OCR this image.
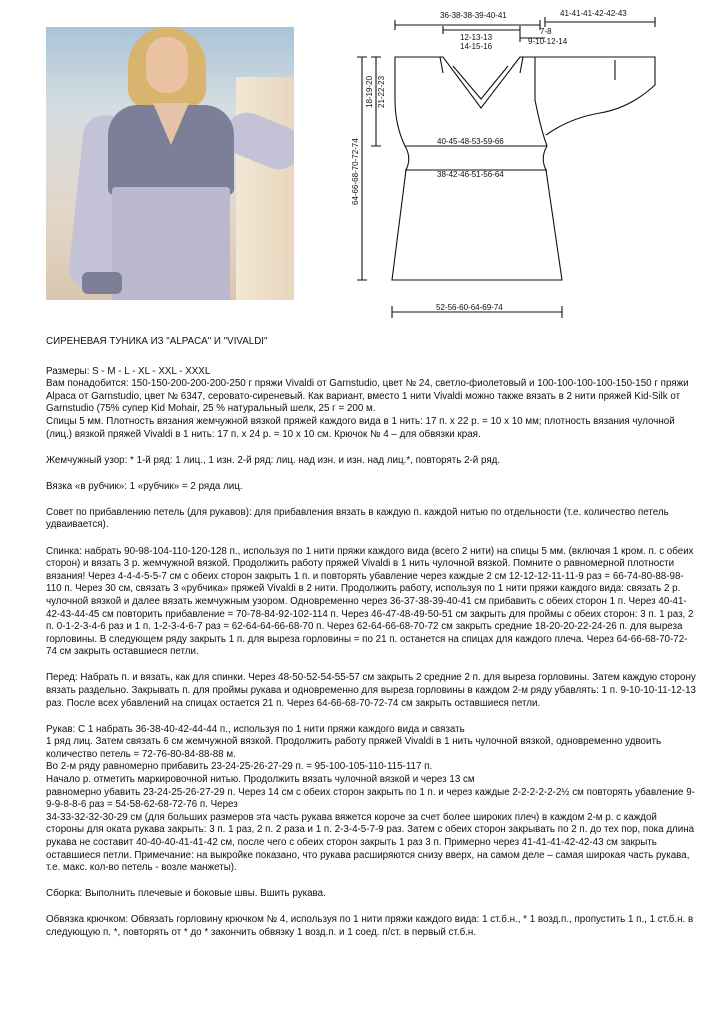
36-38-38-39-40-41
12-13-13
14-15-16
41-41-41-42-42-43
7-8
9-10-12-14
18-19-20 21-22-23
64-66-68-70-72-74	40-45-48-53-59-66
38-42-46-51-56-64
52-56-60-64-69-74

СИРЕНЕВАЯ ТУНИКА ИЗ "ALPACA" И "VIVALDI"

Размеры: S - M - L - XL - XXL - XXXL

Вам понадобится: 150-150-200-200-200-250 г пряжи Vivaldi от Garnstudio, цвет № 24, светло-фиолетовый и 100-100-100-100-150-150 г пряжи Alpaca от Garnstudio, цвет № 6347, серовато-сиреневый. Как вариант, вместо 1 нити Vivaldi можно также вязать в 2 нити пряжей Kid-Silk от Garnstudio (75% супер Kid Mohair, 25 % натуральный шелк, 25 г = 200 м.

Спицы 5 мм. Плотность вязания жемчужной вязкой пряжей каждого вида в 1 нить: 17 п. х 22 р. = 10 х 10 мм; плотность вязания чулочной (лиц.) вязкой пряжей Vivaldi в 1 нить: 17 п. х 24 р. = 10 х 10 см. Крючок № 4 – для обвязки края.

Жемчужный узор: * 1-й ряд: 1 лиц., 1 изн. 2-й ряд: лиц. над изн. и изн. над лиц.*, повторять 2-й ряд.

Вязка «в рубчик»: 1 «рубчик» = 2 ряда лиц.

Совет по прибавлению петель (для рукавов): для прибавления вязать в каждую п. каждой нитью по отдельности (т.е. количество петель удваивается).

Спинка: набрать 90-98-104-110-120-128 п., используя по 1 нити пряжи каждого вида (всего 2 нити) на спицы 5 мм. (включая 1 кром. п. с обеих сторон) и вязать 3 р. жемчужной вязкой. Продолжить работу пряжей Vivaldi в 1 нить чулочной вязкой. Помните о равномерной плотности вязания! Через 4-4-4-5-5-7 см с обеих сторон закрыть 1 п. и повторять убавление через каждые 2 см 12-12-12-11-11-9 раз = 66-74-80-88-98-110 п. Через 30 см, связать 3 «рубчика» пряжей Vivaldi в 2 нити. Продолжить работу, используя по 1 нити пряжи каждого вида: связать 2 р. чулочной вязкой и далее вязать жемчужным узором. Одновременно через 36-37-38-39-40-41 см прибавить с обеих сторон 1 п. Через 40-41-42-43-44-45 см повторить прибавление = 70-78-84-92-102-114 п. Через 46-47-48-49-50-51 см закрыть для проймы с обеих сторон: 3 п. 1 раз, 2 п. 0-1-2-3-4-6 раз и 1 п. 1-2-3-4-6-7 раз = 62-64-64-66-68-70 п. Через 62-64-66-68-70-72 см закрыть средние 18-20-20-22-24-26 п. для выреза горловины. В следующем ряду закрыть 1 п. для выреза горловины = по 21 п. останется на спицах для каждого плеча. Через 64-66-68-70-72-74 см закрыть оставшиеся петли.

Перед: Набрать п. и вязать, как для спинки. Через 48-50-52-54-55-57 см закрыть 2 средние 2 п. для выреза горловины. Затем каждую сторону вязать раздельно. Закрывать п. для проймы рукава и одновременно для выреза горловины в каждом 2-м ряду убавлять: 1 п. 9-10-10-11-12-13 раз. После всех убавлений на спицах остается 21 п. Через 64-66-68-70-72-74 см закрыть оставшиеся петли.

Рукав: С 1 набрать 36-38-40-42-44-44 п., используя по 1 нити пряжи каждого вида и связать
1 ряд лиц. Затем связать 6 см жемчужной вязкой. Продолжить работу пряжей Vivaldi в 1 нить чулочной вязкой, одновременно удвоить количество петель = 72-76-80-84-88-88 м.
Во 2-м ряду равномерно прибавить 23-24-25-26-27-29 п. = 95-100-105-110-115-117 п.
Начало р. отметить маркировочной нитью. Продолжить вязать чулочной вязкой и через 13 см
равномерно убавить 23-24-25-26-27-29 п. Через 14 см с обеих сторон закрыть по 1 п. и через каждые 2-2-2-2-2-2½ см повторять убавление 9-9-9-8-8-6 раз = 54-58-62-68-72-76 п. Через
34-33-32-32-30-29 см (для больших размеров эта часть рукава вяжется короче за счет более широких плеч) в каждом 2-м р. с каждой стороны для оката рукава закрыть: 3 п. 1 раз, 2 п. 2 раза и 1 п. 2-3-4-5-7-9 раз. Затем с обеих сторон закрывать по 2 п. до тех пор, пока длина рукава не составит 40-40-40-41-41-42 см, после чего с обеих сторон закрыть 1 раз 3 п. Примерно через 41-41-41-42-42-43 см закрыть оставшиеся петли. Примечание: на выкройке показано, что рукава расширяются снизу вверх, на самом деле – самая широкая часть рукава, т.е. макс. кол-во петель - возле манжеты).

Сборка: Выполнить плечевые и боковые швы. Вшить рукава.

Обвязка крючком: Обвязать горловину крючком № 4, используя по 1 нити пряжи каждого вида: 1 ст.б.н., * 1 возд.п., пропустить 1 п., 1 ст.б.н. в следующую п. *, повторять от * до * закончить обвязку 1 возд.п. и 1 соед. п/ст. в первый ст.б.н.
